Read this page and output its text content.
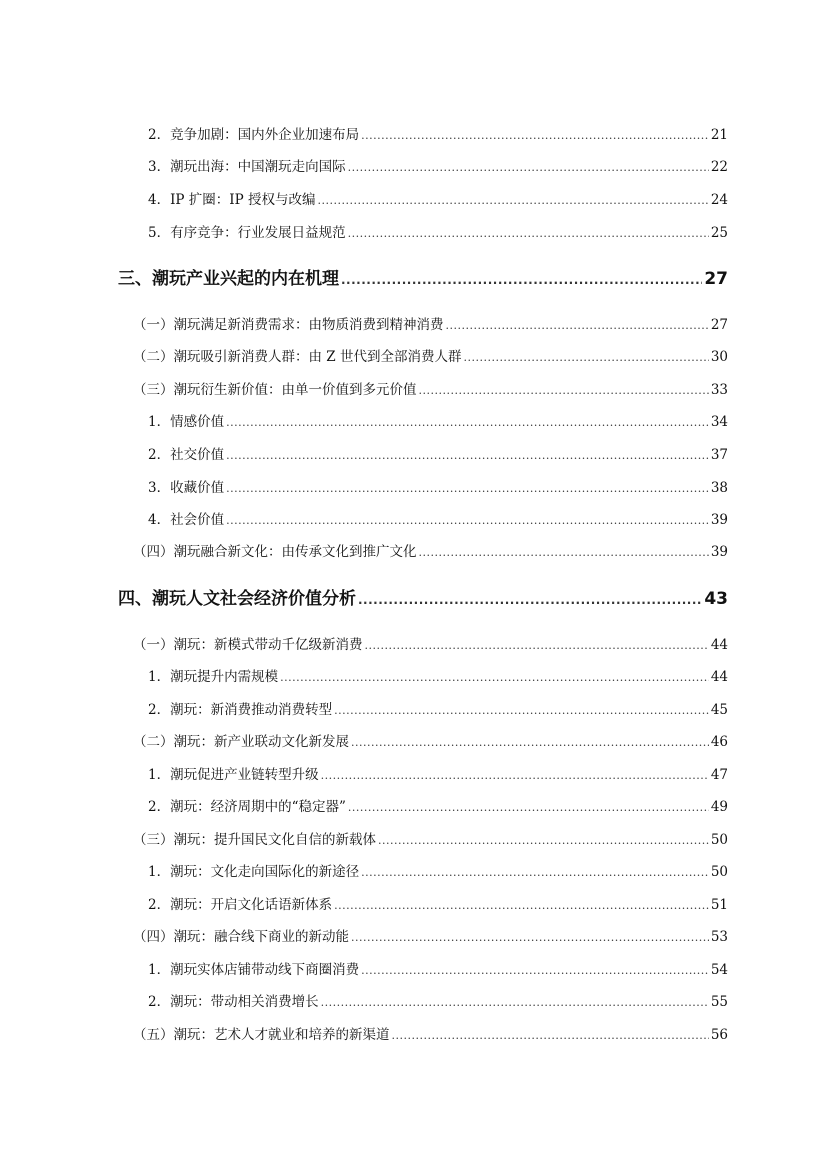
2．竞争加剧：国内外企业加速布局 .....	21
3．潮玩出海：中国潮玩走向国际 .....	22
4．IP 扩圈：IP 授权与改编 .....	24
5．有序竞争：行业发展日益规范 .....	25
三、潮玩产业兴起的内在机理 .....	27
（一）潮玩满足新消费需求：由物质消费到精神消费 .....	27
（二）潮玩吸引新消费人群：由 Z 世代到全部消费人群 .....	30
（三）潮玩衍生新价值：由单一价值到多元价值 .....	33
1．情感价值 .....	34
2．社交价值 .....	37
3．收藏价值 .....	38
4．社会价值 .....	39
（四）潮玩融合新文化：由传承文化到推广文化 .....	39
四、潮玩人文社会经济价值分析 .....	43
（一）潮玩：新模式带动千亿级新消费 .....	44
1．潮玩提升内需规模 .....	44
2．潮玩：新消费推动消费转型 .....	45
（二）潮玩：新产业联动文化新发展 .....	46
1．潮玩促进产业链转型升级 .....	47
2．潮玩：经济周期中的“稳定器” .....	49
（三）潮玩：提升国民文化自信的新载体 .....	50
1．潮玩：文化走向国际化的新途径 .....	50
2．潮玩：开启文化话语新体系 .....	51
（四）潮玩：融合线下商业的新动能 .....	53
1．潮玩实体店铺带动线下商圈消费 .....	54
2．潮玩：带动相关消费增长 .....	55
（五）潮玩：艺术人才就业和培养的新渠道 .....	56
